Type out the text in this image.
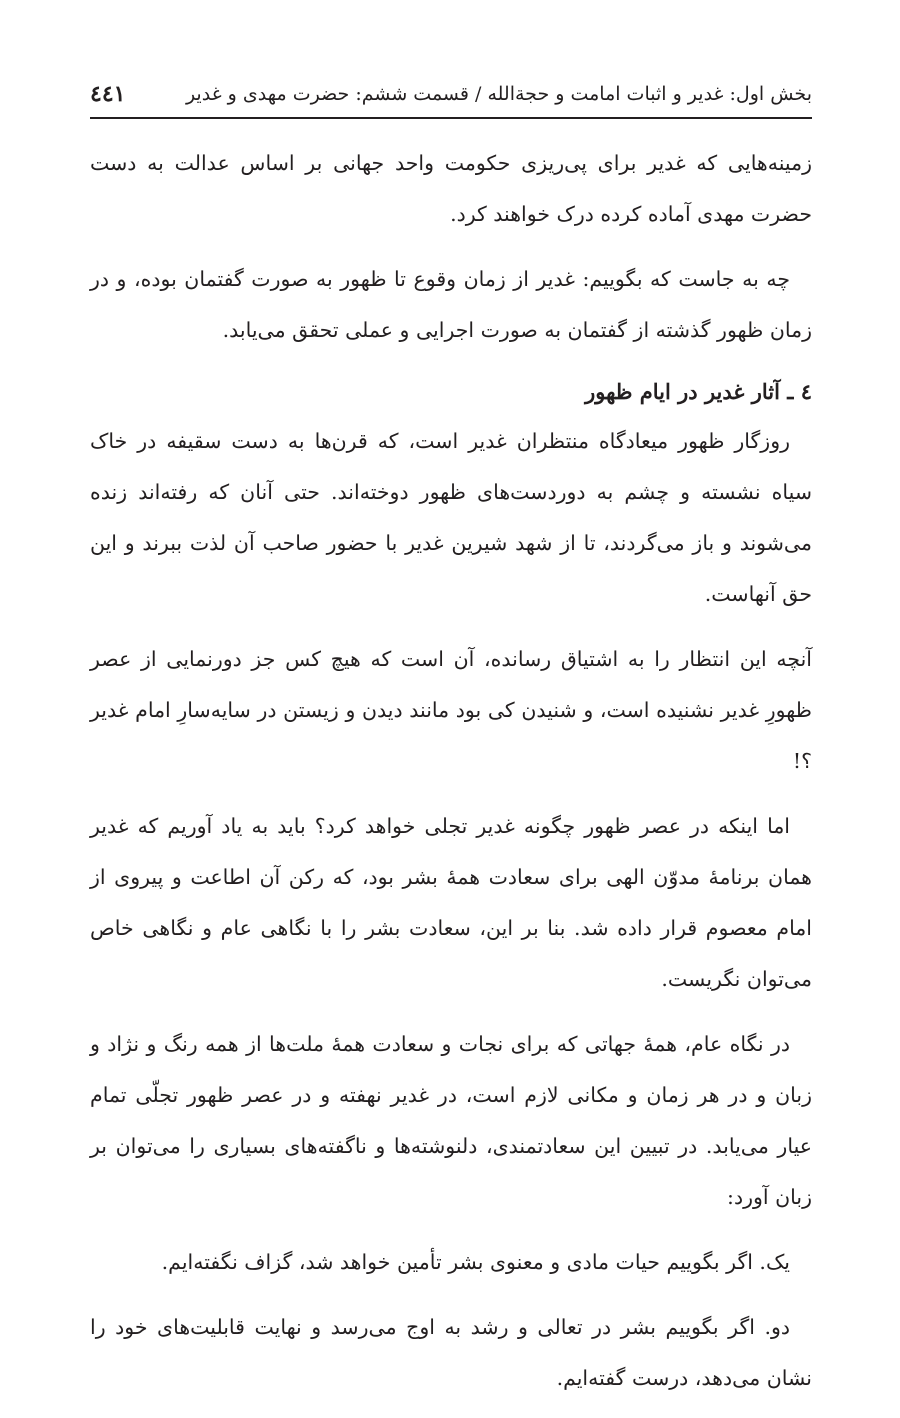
بخش اول: غدیر و اثبات امامت و حجةالله / قسمت ششم: حضرت مهدی و غدیر
٤٤١

زمینه‌هایی که غدیر برای پی‌ریزی حکومت واحد جهانی بر اساس عدالت به دست حضرت مهدی آماده کرده درک خواهند کرد.

چه به جاست که بگوییم: غدیر از زمان وقوع تا ظهور به صورت گفتمان بوده، و در زمان ظهور گذشته از گفتمان به صورت اجرایی و عملی تحقق می‌یابد.

٤ ـ آثار غدیر در ایام ظهور

روزگار ظهور میعادگاه منتظران غدیر است، که قرن‌ها به دست سقیفه در خاک سیاه نشسته و چشم به دوردست‌های ظهور دوخته‌اند. حتی آنان که رفته‌اند زنده می‌شوند و باز می‌گردند، تا از شهد شیرین غدیر با حضور صاحب آن لذت ببرند و این حق آنهاست.

آنچه این انتظار را به اشتیاق رسانده، آن است که هیچ کس جز دورنمایی از عصر ظهورِ غدیر نشنیده است، و شنیدن کی بود مانند دیدن و زیستن در سایه‌سارِ امام غدیر ؟!

اما اینکه در عصر ظهور چگونه غدیر تجلی خواهد کرد؟ باید به یاد آوریم که غدیر همان برنامهٔ مدوّن الهی برای سعادت همهٔ بشر بود، که رکن آن اطاعت و پیروی از امام معصوم قرار داده شد. بنا بر این، سعادت بشر را با نگاهی عام و نگاهی خاص می‌توان نگریست.

در نگاه عام، همهٔ جهاتی که برای نجات و سعادت همهٔ ملت‌ها از همه رنگ و نژاد و زبان و در هر زمان و مکانی لازم است، در غدیر نهفته و در عصر ظهور تجلّی تمام عیار می‌یابد. در تبیین این سعادتمندی، دلنوشته‌ها و ناگفته‌های بسیاری را می‌توان بر زبان آورد:

یک. اگر بگوییم حیات مادی و معنوی بشر تأمین خواهد شد، گزاف نگفته‌ایم.

دو. اگر بگوییم بشر در تعالی و رشد به اوج می‌رسد و نهایت قابلیت‌های خود را نشان می‌دهد، درست گفته‌ایم.
